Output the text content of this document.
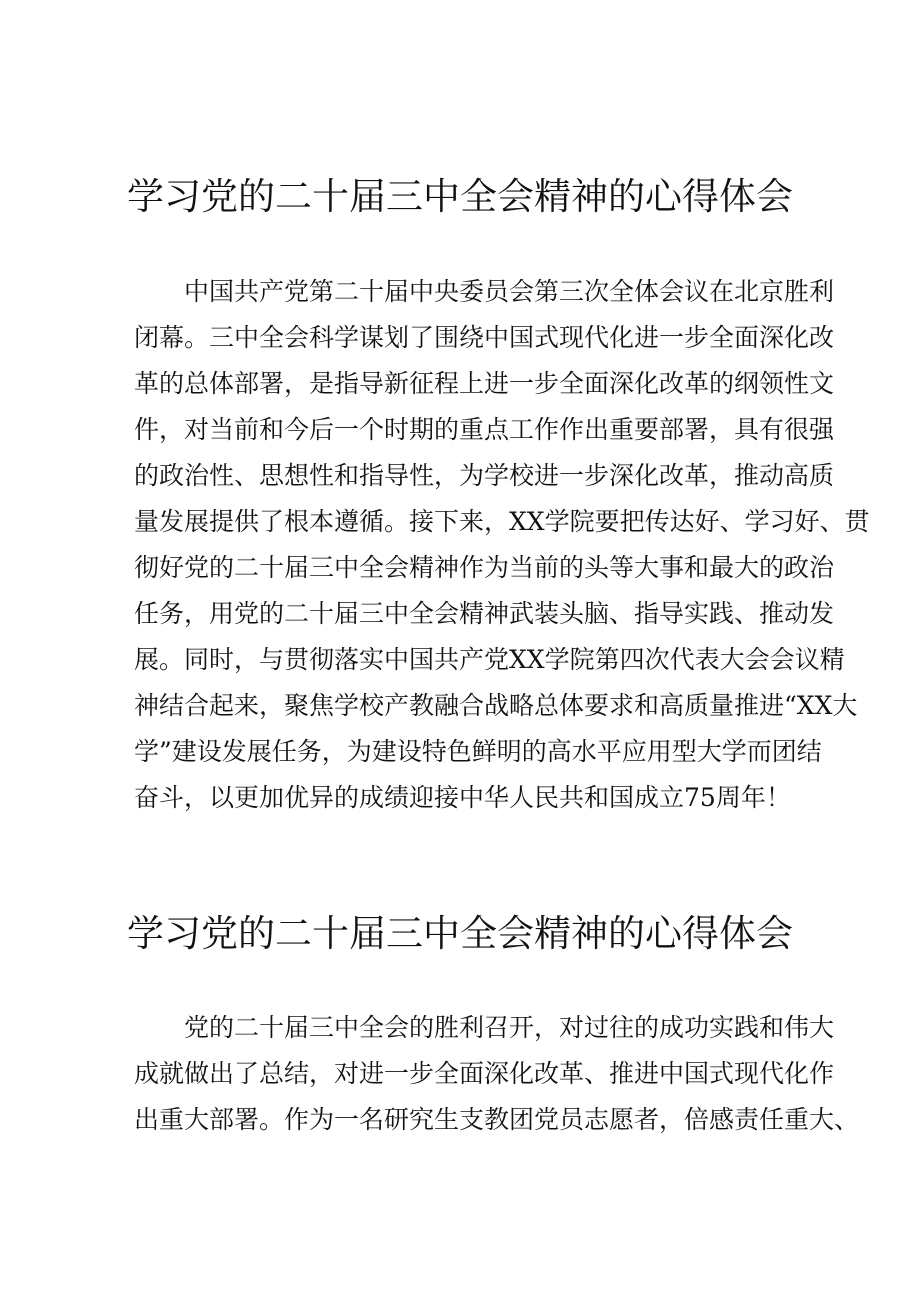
学习党的二十届三中全会精神的心得体会
中国共产党第二十届中央委员会第三次全体会议在北京胜利
闭幕。三中全会科学谋划了围绕中国式现代化进一步全面深化改
革的总体部署，是指导新征程上进一步全面深化改革的纲领性文
件，对当前和今后一个时期的重点工作作出重要部署，具有很强
的政治性、思想性和指导性，为学校进一步深化改革，推动高质
量发展提供了根本遵循。接下来，XX学院要把传达好、学习好、贯
彻好党的二十届三中全会精神作为当前的头等大事和最大的政治
任务，用党的二十届三中全会精神武装头脑、指导实践、推动发
展。同时，与贯彻落实中国共产党XX学院第四次代表大会会议精
神结合起来，聚焦学校产教融合战略总体要求和高质量推进“XX大
学”建设发展任务，为建设特色鲜明的高水平应用型大学而团结
奋斗，以更加优异的成绩迎接中华人民共和国成立75周年！
学习党的二十届三中全会精神的心得体会
党的二十届三中全会的胜利召开，对过往的成功实践和伟大
成就做出了总结，对进一步全面深化改革、推进中国式现代化作
出重大部署。作为一名研究生支教团党员志愿者，倍感责任重大、
